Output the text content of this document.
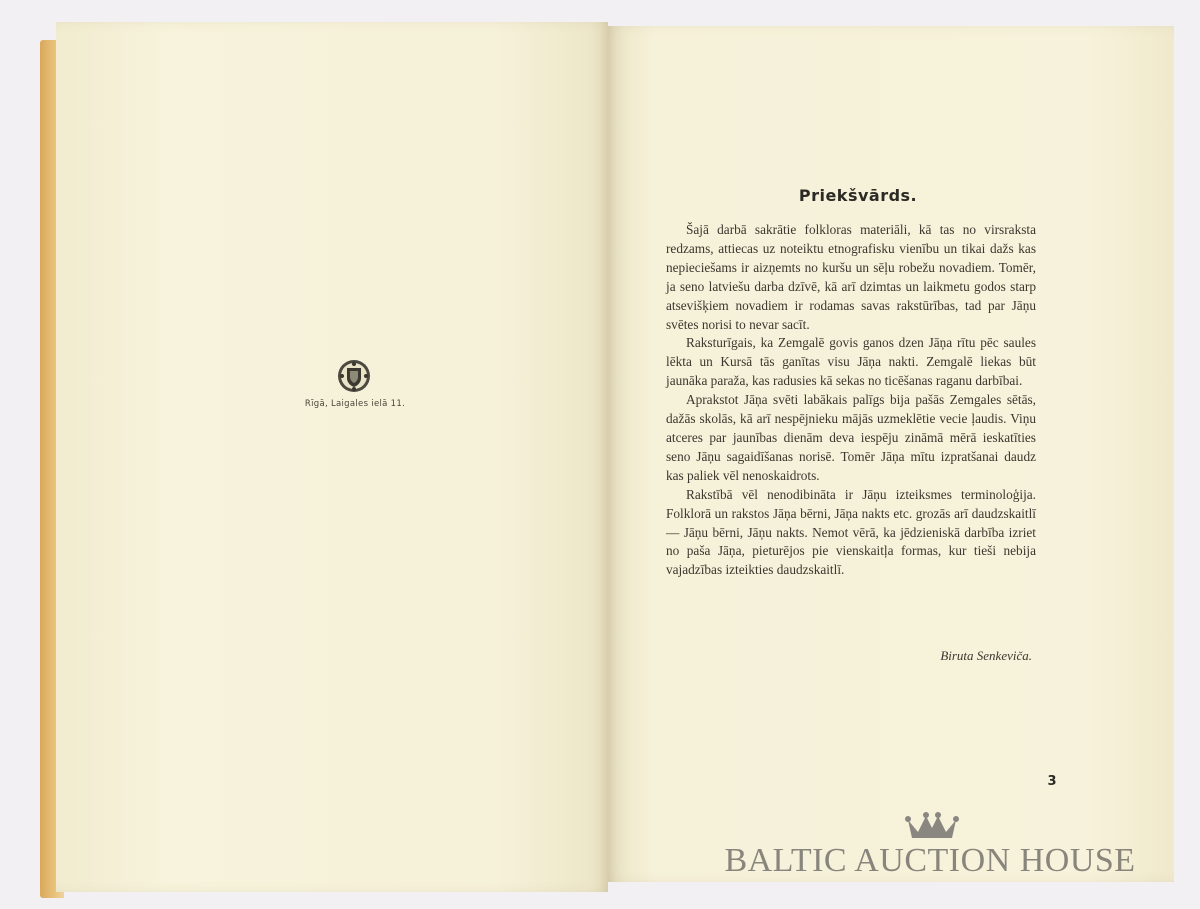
Rīgā, Laigales ielā 11.
Priekšvārds.

Šajā darbā sakrātie folkloras materiāli, kā tas no virsraksta redzams, attiecas uz noteiktu etnografisku vienību un tikai dažs kas nepieciešams ir aizņemts no kuršu un sēļu robežu novadiem. Tomēr, ja seno latviešu darba dzīvē, kā arī dzimtas un laikmetu godos starp atsevišķiem novadiem ir rodamas savas rakstūrības, tad par Jāņu svētes norisi to nevar sacīt.

Raksturīgais, ka Zemgalē govis ganos dzen Jāņa rītu pēc saules lēkta un Kursā tās ganītas visu Jāņa nakti. Zemgalē liekas būt jaunāka paraža, kas radusies kā sekas no ticēšanas raganu darbībai.

Aprakstot Jāņa svēti labākais palīgs bija pašās Zemgales sētās, dažās skolās, kā arī nespējnieku mājās uzmeklētie vecie ļaudis. Viņu atceres par jaunības dienām deva iespēju zināmā mērā ieskatīties seno Jāņu sagaidīšanas norisē. Tomēr Jāņa mītu izpratšanai daudz kas paliek vēl nenoskaidrots.

Rakstībā vēl nenodibināta ir Jāņu izteiksmes terminoloģija. Folklorā un rakstos Jāņa bērni, Jāņa nakts etc. grozās arī daudzskaitlī — Jāņu bērni, Jāņu nakts. Nemot vērā, ka jēdzieniskā darbība izriet no paša Jāņa, pieturējos pie vienskaitļa formas, kur tieši nebija vajadzības izteikties daudzskaitlī.

Biruta Senkeviča.
3
BALTIC AUCTION HOUSE
